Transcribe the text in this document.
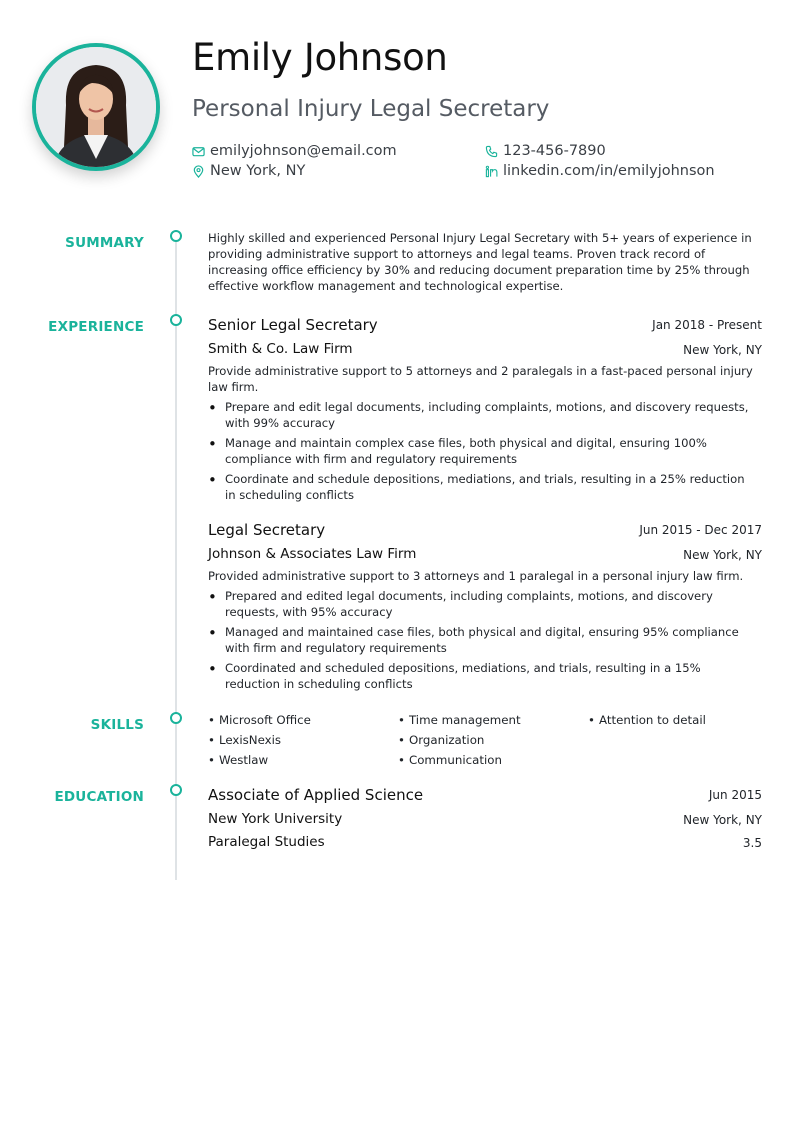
Emily Johnson
Personal Injury Legal Secretary
emilyjohnson@email.com	123-456-7890
New York, NY	linkedin.com/in/emilyjohnson
SUMMARY
EXPERIENCE
SKILLS
EDUCATION
Highly skilled and experienced Personal Injury Legal Secretary with 5+ years of experience in providing administrative support to attorneys and legal teams. Proven track record of increasing office efficiency by 30% and reducing document preparation time by 25% through effective workflow management and technological expertise.
Senior Legal Secretary	Jan 2018 - Present
Smith & Co. Law Firm	New York, NY
Provide administrative support to 5 attorneys and 2 paralegals in a fast-paced personal injury law firm.
• Prepare and edit legal documents, including complaints, motions, and discovery requests, with 99% accuracy
• Manage and maintain complex case files, both physical and digital, ensuring 100% compliance with firm and regulatory requirements
• Coordinate and schedule depositions, mediations, and trials, resulting in a 25% reduction in scheduling conflicts
Legal Secretary	Jun 2015 - Dec 2017
Johnson & Associates Law Firm	New York, NY
Provided administrative support to 3 attorneys and 1 paralegal in a personal injury law firm.
• Prepared and edited legal documents, including complaints, motions, and discovery requests, with 95% accuracy
• Managed and maintained case files, both physical and digital, ensuring 95% compliance with firm and regulatory requirements
• Coordinated and scheduled depositions, mediations, and trials, resulting in a 15% reduction in scheduling conflicts
• Microsoft Office	• Time management	• Attention to detail
• LexisNexis	• Organization
• Westlaw	• Communication
Associate of Applied Science	Jun 2015
New York University	New York, NY
Paralegal Studies	3.5
